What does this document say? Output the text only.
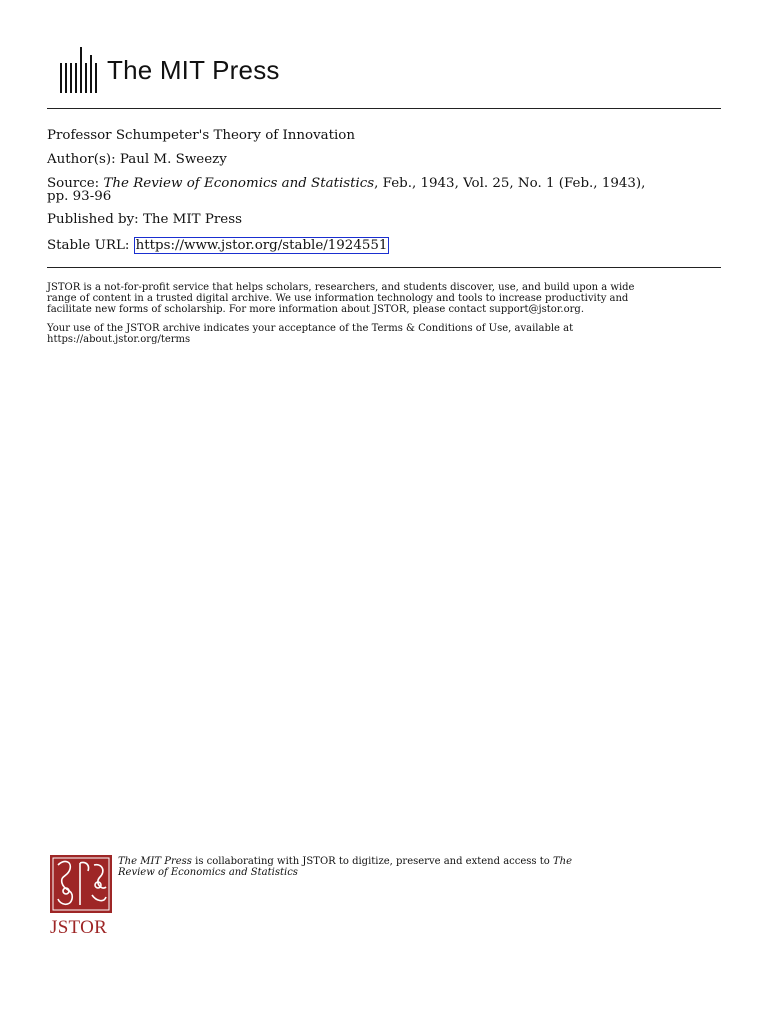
The MIT Press

Professor Schumpeter's Theory of Innovation

Author(s): Paul M. Sweezy

Source: The Review of Economics and Statistics, Feb., 1943, Vol. 25, No. 1 (Feb., 1943),

pp. 93-96

Published by: The MIT Press

Stable URL: https://www.jstor.org/stable/1924551

JSTOR is a not-for-profit service that helps scholars, researchers, and students discover, use, and build upon a wide

range of content in a trusted digital archive. We use information technology and tools to increase productivity and

facilitate new forms of scholarship. For more information about JSTOR, please contact support@jstor.org.

Your use of the JSTOR archive indicates your acceptance of the Terms & Conditions of Use, available at

https://about.jstor.org/terms

JSTOR
The MIT Press is collaborating with JSTOR to digitize, preserve and extend access to The
Review of Economics and Statistics
